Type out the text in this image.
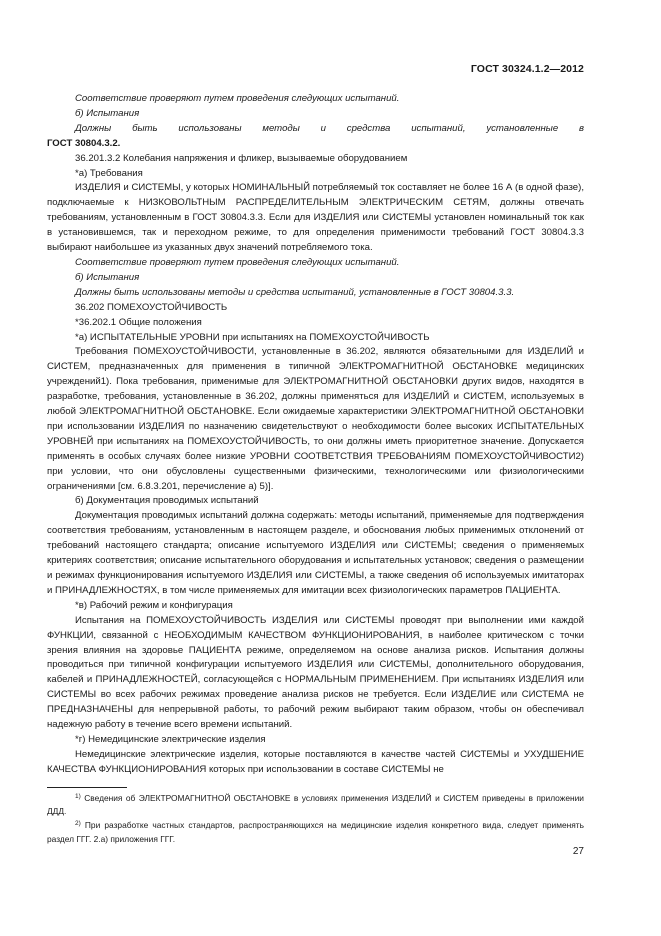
ГОСТ 30324.1.2—2012

Соответствие проверяют путем проведения следующих испытаний.

б) Испытания

Должны быть использованы методы и средства испытаний, установленные в

ГОСТ 30804.3.2.

36.201.3.2 Колебания напряжения и фликер, вызываемые оборудованием

*а) Требования

ИЗДЕЛИЯ и СИСТЕМЫ, у которых НОМИНАЛЬНЫЙ потребляемый ток составляет не более 16 А (в одной фазе), подключаемые к НИЗКОВОЛЬТНЫМ РАСПРЕДЕЛИТЕЛЬНЫМ ЭЛЕКТРИЧЕСКИМ СЕТЯМ, должны отвечать требованиям, установленным в ГОСТ 30804.3.3. Если для ИЗДЕЛИЯ или СИСТЕМЫ установлен номинальный ток как в установившемся, так и переходном режиме, то для определения применимости требований ГОСТ 30804.3.3 выбирают наибольшее из указанных двух значений потребляемого тока.

Соответствие проверяют путем проведения следующих испытаний.

б) Испытания

Должны быть использованы методы и средства испытаний, установленные в ГОСТ 30804.3.3.

36.202 ПОМЕХОУСТОЙЧИВОСТЬ

*36.202.1 Общие положения

*а) ИСПЫТАТЕЛЬНЫЕ УРОВНИ при испытаниях на ПОМЕХОУСТОЙЧИВОСТЬ

Требования ПОМЕХОУСТОЙЧИВОСТИ, установленные в 36.202, являются обязательными для ИЗДЕЛИЙ и СИСТЕМ, предназначенных для применения в типичной ЭЛЕКТРОМАГНИТНОЙ ОБСТАНОВКЕ медицинских учреждений1). Пока требования, применимые для ЭЛЕКТРОМАГНИТНОЙ ОБСТАНОВКИ других видов, находятся в разработке, требования, установленные в 36.202, должны применяться для ИЗДЕЛИЙ и СИСТЕМ, используемых в любой ЭЛЕКТРОМАГНИТНОЙ ОБСТАНОВКЕ. Если ожидаемые характеристики ЭЛЕКТРОМАГНИТНОЙ ОБСТАНОВКИ при использовании ИЗДЕЛИЯ по назначению свидетельствуют о необходимости более высоких ИСПЫТАТЕЛЬНЫХ УРОВНЕЙ при испытаниях на ПОМЕХОУСТОЙЧИВОСТЬ, то они должны иметь приоритетное значение. Допускается применять в особых случаях более низкие УРОВНИ СООТВЕТСТВИЯ ТРЕБОВАНИЯМ ПОМЕХОУСТОЙЧИВОСТИ2) при условии, что они обусловлены существенными физическими, технологическими или физиологическими ограничениями [см. 6.8.3.201, перечисление а) 5)].

б) Документация проводимых испытаний

Документация проводимых испытаний должна содержать: методы испытаний, применяемые для подтверждения соответствия требованиям, установленным в настоящем разделе, и обоснования любых применимых отклонений от требований настоящего стандарта; описание испытуемого ИЗДЕЛИЯ или СИСТЕМЫ; сведения о применяемых критериях соответствия; описание испытательного оборудования и испытательных установок; сведения о размещении и режимах функционирования испытуемого ИЗДЕЛИЯ или СИСТЕМЫ, а также сведения об используемых имитаторах и ПРИНАДЛЕЖНОСТЯХ, в том числе применяемых для имитации всех физиологических параметров ПАЦИЕНТА.

*в) Рабочий режим и конфигурация

Испытания на ПОМЕХОУСТОЙЧИВОСТЬ ИЗДЕЛИЯ или СИСТЕМЫ проводят при выполнении ими каждой ФУНКЦИИ, связанной с НЕОБХОДИМЫМ КАЧЕСТВОМ ФУНКЦИОНИРОВАНИЯ, в наиболее критическом с точки зрения влияния на здоровье ПАЦИЕНТА режиме, определяемом на основе анализа рисков. Испытания должны проводиться при типичной конфигурации испытуемого ИЗДЕЛИЯ или СИСТЕМЫ, дополнительного оборудования, кабелей и ПРИНАДЛЕЖНОСТЕЙ, согласующейся с НОРМАЛЬНЫМ ПРИМЕНЕНИЕМ. При испытаниях ИЗДЕЛИЯ или СИСТЕМЫ во всех рабочих режимах проведение анализа рисков не требуется. Если ИЗДЕЛИЕ или СИСТЕМА не ПРЕДНАЗНАЧЕНЫ для непрерывной работы, то рабочий режим выбирают таким образом, чтобы он обеспечивал надежную работу в течение всего времени испытаний.

*г) Немедицинские электрические изделия

Немедицинские электрические изделия, которые поставляются в качестве частей СИСТЕМЫ и УХУДШЕНИЕ КАЧЕСТВА ФУНКЦИОНИРОВАНИЯ которых при использовании в составе СИСТЕМЫ не

$^{1)}$ Сведения об ЭЛЕКТРОМАГНИТНОЙ ОБСТАНОВКЕ в условиях применения ИЗДЕЛИЙ и СИСТЕМ приведены в приложении ДДД.

$^{2)}$ При разработке частных стандартов, распространяющихся на медицинские изделия конкретного вида, следует применять раздел ГГГ. 2.а) приложения ГГГ.

27
